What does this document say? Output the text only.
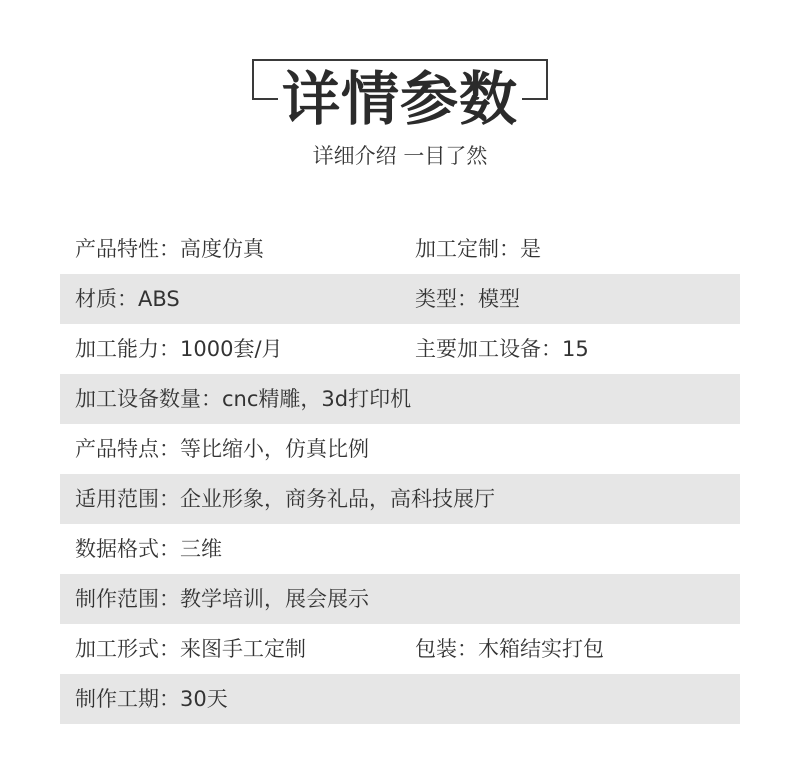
详情参数
详细介绍 一目了然
产品特性：高度仿真	加工定制：是
材质：ABS	类型：模型
加工能力：1000套/月	主要加工设备：15
加工设备数量：cnc精雕，3d打印机
产品特点：等比缩小，仿真比例
适用范围：企业形象，商务礼品，高科技展厅
数据格式：三维
制作范围：教学培训，展会展示
加工形式：来图手工定制	包装：木箱结实打包
制作工期：30天
